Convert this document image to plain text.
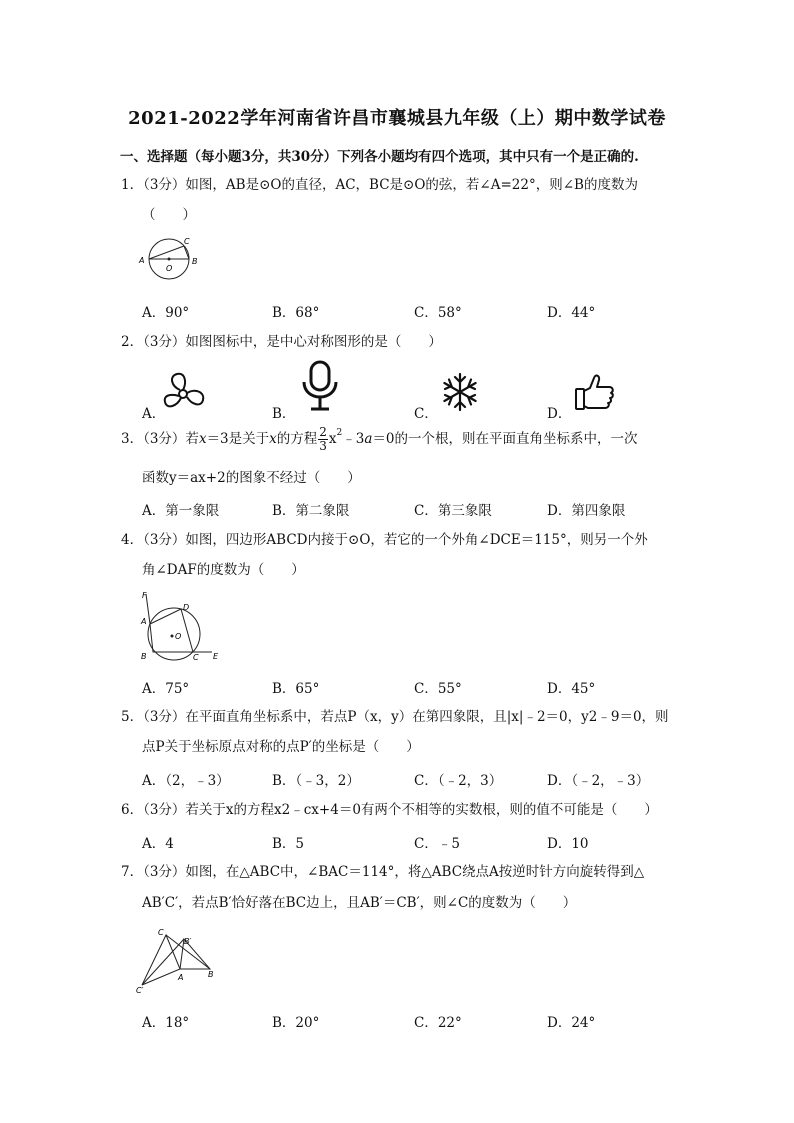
2021-2022学年河南省许昌市襄城县九年级（上）期中数学试卷
一、选择题（每小题3分，共30分）下列各小题均有四个选项，其中只有一个是正确的.
1．（3分）如图，AB是⊙O的直径，AC，BC是⊙O的弦，若∠A=22°，则∠B的度数为
（　　）
A	B
C
O
A．90°	B．68°	C．58°	D．44°
2．（3分）如图图标中，是中心对称图形的是（　　）
A．	B．	C．	D．
3．（3分）若x＝3是关于x的方程 $\frac{2}{3}$ $x^2﹣3a=0$的一个根，则在平面直角坐标系中，一次
函数y＝ax+2的图象不经过（　　）
A．第一象限	B．第二象限	C．第三象限	D．第四象限
4．（3分）如图，四边形ABCD内接于⊙O，若它的一个外角∠DCE＝115°，则另一个外
角∠DAF的度数为（　　）
F
A
D
O
B	C E
A．75°	B．65°	C．55°	D．45°
5．（3分）在平面直角坐标系中，若点P（x，y）在第四象限，且|x|﹣2＝0，y2﹣9＝0，则
点P关于坐标原点对称的点P′的坐标是（　　）
A．（2，﹣3）	B．（﹣3，2）	C．（﹣2，3）	D．（﹣2，﹣3）
6．（3分）若关于x的方程x2﹣cx+4＝0有两个不相等的实数根，则的值不可能是（　　）
A．4	B．5	C．﹣5	D．10
7．（3分）如图，在△ABC中，∠BAC＝114°，将△ABC绕点A按逆时针方向旋转得到△
AB′C′，若点B′恰好落在BC边上，且AB′＝CB′，则∠C的度数为（　　）
C
B′
A	B
C′
A．18°	B．20°	C．22°	D．24°
